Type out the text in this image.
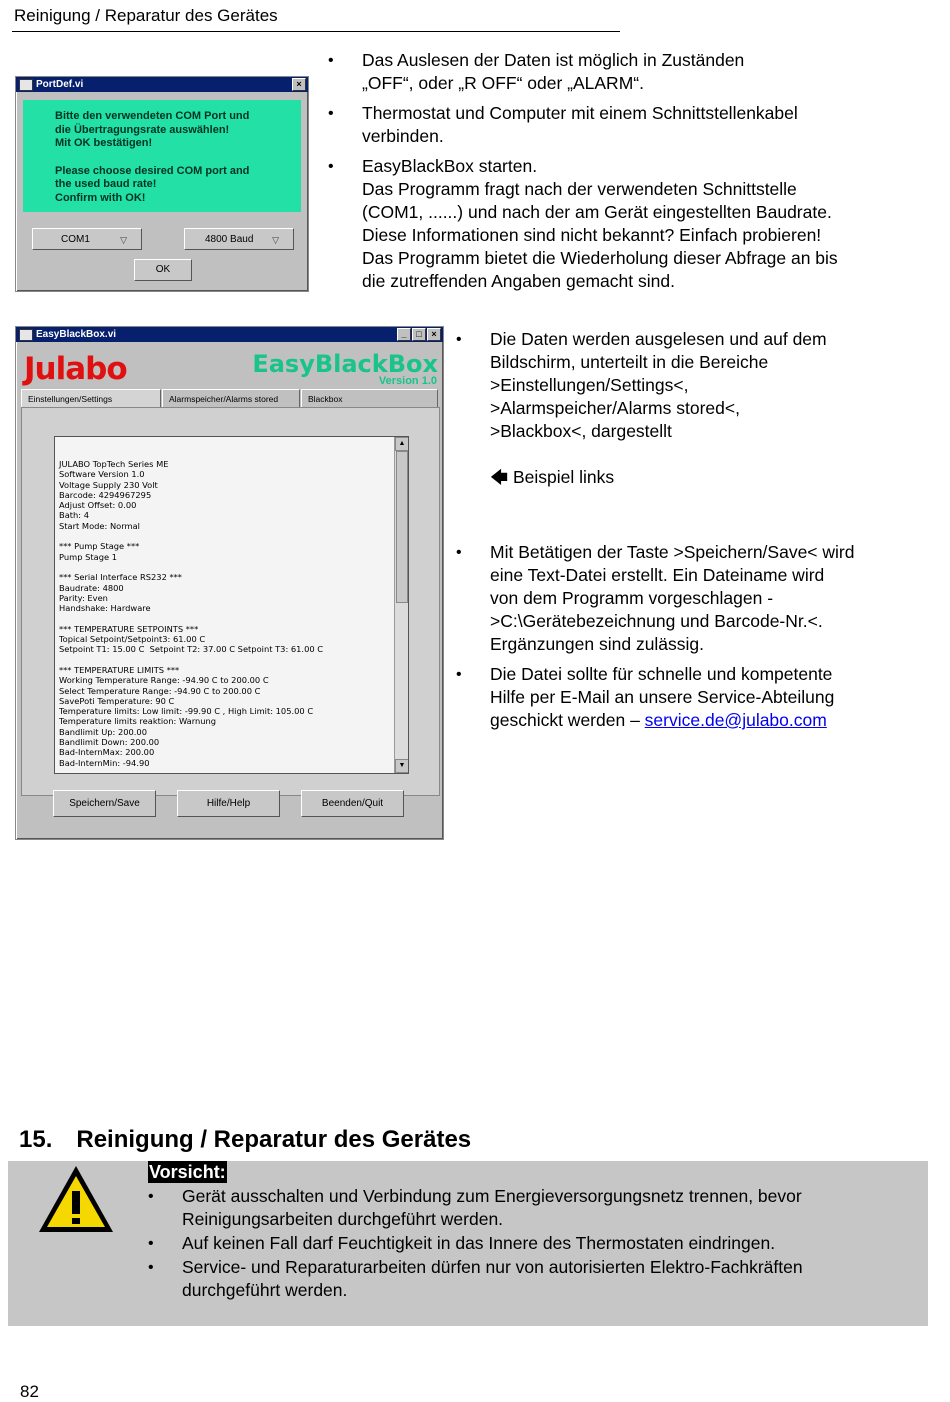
Reinigung / Reparatur des Gerätes
PortDef.vi	×
Bitte den verwendeten COM Port und
die Übertragungsrate auswählen!
Mit OK bestätigen!
Please choose desired COM port and
the used baud rate!
Confirm with OK!
COM1	▽	4800 Baud ▽
OK
• Das Auslesen der Daten ist möglich in Zuständen
„OFF“, oder „R OFF“ oder „ALARM“.
• Thermostat und Computer mit einem Schnittstellenkabel
verbinden.
• EasyBlackBox starten.
Das Programm fragt nach der verwendeten Schnittstelle
(COM1, ......) und nach der am Gerät eingestellten Baudrate.
Diese Informationen sind nicht bekannt? Einfach probieren!
Das Programm bietet die Wiederholung dieser Abfrage an bis
die zutreffenden Angaben gemacht sind.
EasyBlackBox.vi	_	□	×
Julabo	EasyBlackBox
Version 1.0
Einstellungen/Settings	Alarmspeicher/Alarms stored	Blackbox
JULABO TopTech Series ME
Software Version 1.0
Voltage Supply 230 Volt
Barcode: 4294967295
Adjust Offset: 0.00
Bath: 4
Start Mode: Normal

*** Pump Stage ***
Pump Stage 1

*** Serial Interface RS232 ***
Baudrate: 4800
Parity: Even
Handshake: Hardware

*** TEMPERATURE SETPOINTS ***
Topical Setpoint/Setpoint3: 61.00 C
Setpoint T1: 15.00 C  Setpoint T2: 37.00 C Setpoint T3: 61.00 C

*** TEMPERATURE LIMITS ***
Working Temperature Range: -94.90 C to 200.00 C
Select Temperature Range: -94.90 C to 200.00 C
SavePoti Temperature: 90 C
Temperature limits: Low limit: -99.90 C , High Limit: 105.00 C
Temperature limits reaktion: Warnung
Bandlimit Up: 200.00
Bandlimit Down: 200.00
Bad-InternMax: 200.00
Bad-InternMin: -94.90
▲
▼
Speichern/Save	Hilfe/Help	Beenden/Quit
• Die Daten werden ausgelesen und auf dem
Bildschirm, unterteilt in die Bereiche
>Einstellungen/Settings<,
>Alarmspeicher/Alarms stored<,
>Blackbox<, dargestellt
🡄 Beispiel links
• Mit Betätigen der Taste >Speichern/Save< wird
eine Text-Datei erstellt. Ein Dateiname wird
von dem Programm vorgeschlagen -
>C:\Gerätebezeichnung und Barcode-Nr.<.
Ergänzungen sind zulässig.
• Die Datei sollte für schnelle und kompetente
Hilfe per E-Mail an unsere Service-Abteilung
geschickt werden – service.de@julabo.com
15. Reinigung / Reparatur des Gerätes
Vorsicht:
• Gerät ausschalten und Verbindung zum Energieversorgungsnetz trennen, bevor
Reinigungsarbeiten durchgeführt werden.
• Auf keinen Fall darf Feuchtigkeit in das Innere des Thermostaten eindringen.
• Service- und Reparaturarbeiten dürfen nur von autorisierten Elektro-Fachkräften
durchgeführt werden.
82
